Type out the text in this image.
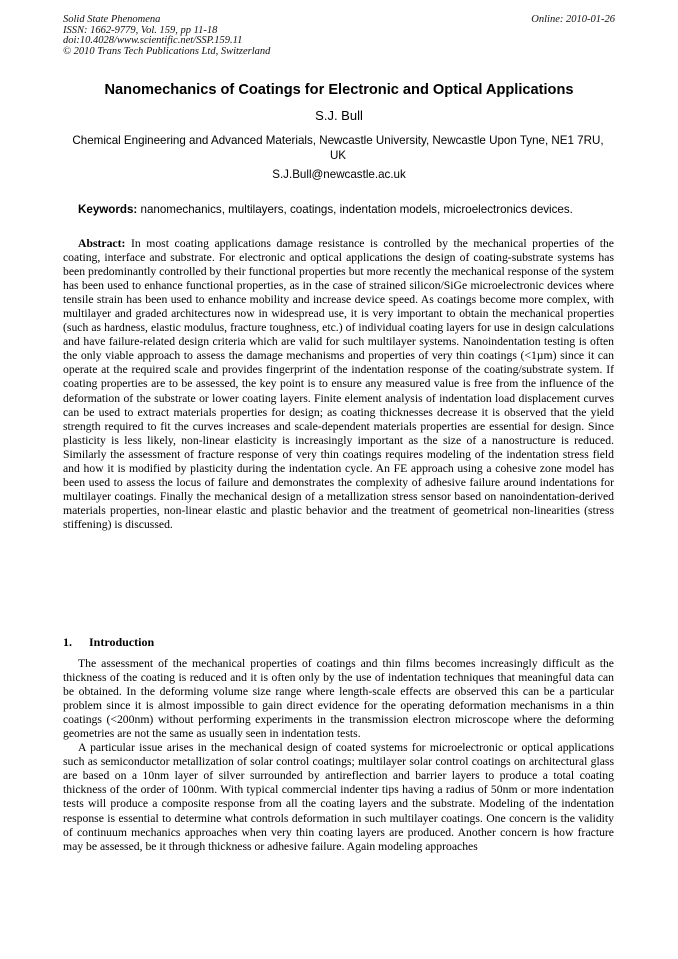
Solid State Phenomena
ISSN: 1662-9779, Vol. 159, pp 11-18
doi:10.4028/www.scientific.net/SSP.159.11
© 2010 Trans Tech Publications Ltd, Switzerland
Online: 2010-01-26
Nanomechanics of Coatings for Electronic and Optical Applications
S.J. Bull
Chemical Engineering and Advanced Materials, Newcastle University, Newcastle Upon Tyne, NE1 7RU, UK
S.J.Bull@newcastle.ac.uk
Keywords: nanomechanics, multilayers, coatings, indentation models, microelectronics devices.

Abstract: In most coating applications damage resistance is controlled by the mechanical properties of the coating, interface and substrate. For electronic and optical applications the design of coating-substrate systems has been predominantly controlled by their functional properties but more recently the mechanical response of the system has been used to enhance functional properties, as in the case of strained silicon/SiGe microelectronic devices where tensile strain has been used to enhance mobility and increase device speed. As coatings become more complex, with multilayer and graded architectures now in widespread use, it is very important to obtain the mechanical properties (such as hardness, elastic modulus, fracture toughness, etc.) of individual coating layers for use in design calculations and have failure-related design criteria which are valid for such multilayer systems. Nanoindentation testing is often the only viable approach to assess the damage mechanisms and properties of very thin coatings (<1µm) since it can operate at the required scale and provides fingerprint of the indentation response of the coating/substrate system. If coating properties are to be assessed, the key point is to ensure any measured value is free from the influence of the deformation of the substrate or lower coating layers. Finite element analysis of indentation load displacement curves can be used to extract materials properties for design; as coating thicknesses decrease it is observed that the yield strength required to fit the curves increases and scale-dependent materials properties are essential for design. Since plasticity is less likely, non-linear elasticity is increasingly important as the size of a nanostructure is reduced. Similarly the assessment of fracture response of very thin coatings requires modeling of the indentation stress field and how it is modified by plasticity during the indentation cycle. An FE approach using a cohesive zone model has been used to assess the locus of failure and demonstrates the complexity of adhesive failure around indentations for multilayer coatings. Finally the mechanical design of a metallization stress sensor based on nanoindentation-derived materials properties, non-linear elastic and plastic behavior and the treatment of geometrical non-linearities (stress stiffening) is discussed.

1. Introduction

The assessment of the mechanical properties of coatings and thin films becomes increasingly difficult as the thickness of the coating is reduced and it is often only by the use of indentation techniques that meaningful data can be obtained. In the deforming volume size range where length-scale effects are observed this can be a particular problem since it is almost impossible to gain direct evidence for the operating deformation mechanisms in a thin coatings (<200nm) without performing experiments in the transmission electron microscope where the deforming geometries are not the same as usually seen in indentation tests.

A particular issue arises in the mechanical design of coated systems for microelectronic or optical applications such as semiconductor metallization of solar control coatings; multilayer solar control coatings on architectural glass are based on a 10nm layer of silver surrounded by antireflection and barrier layers to produce a total coating thickness of the order of 100nm. With typical commercial indenter tips having a radius of 50nm or more indentation tests will produce a composite response from all the coating layers and the substrate. Modeling of the indentation response is essential to determine what controls deformation in such multilayer coatings. One concern is the validity of continuum mechanics approaches when very thin coating layers are produced. Another concern is how fracture may be assessed, be it through thickness or adhesive failure. Again modeling approaches
